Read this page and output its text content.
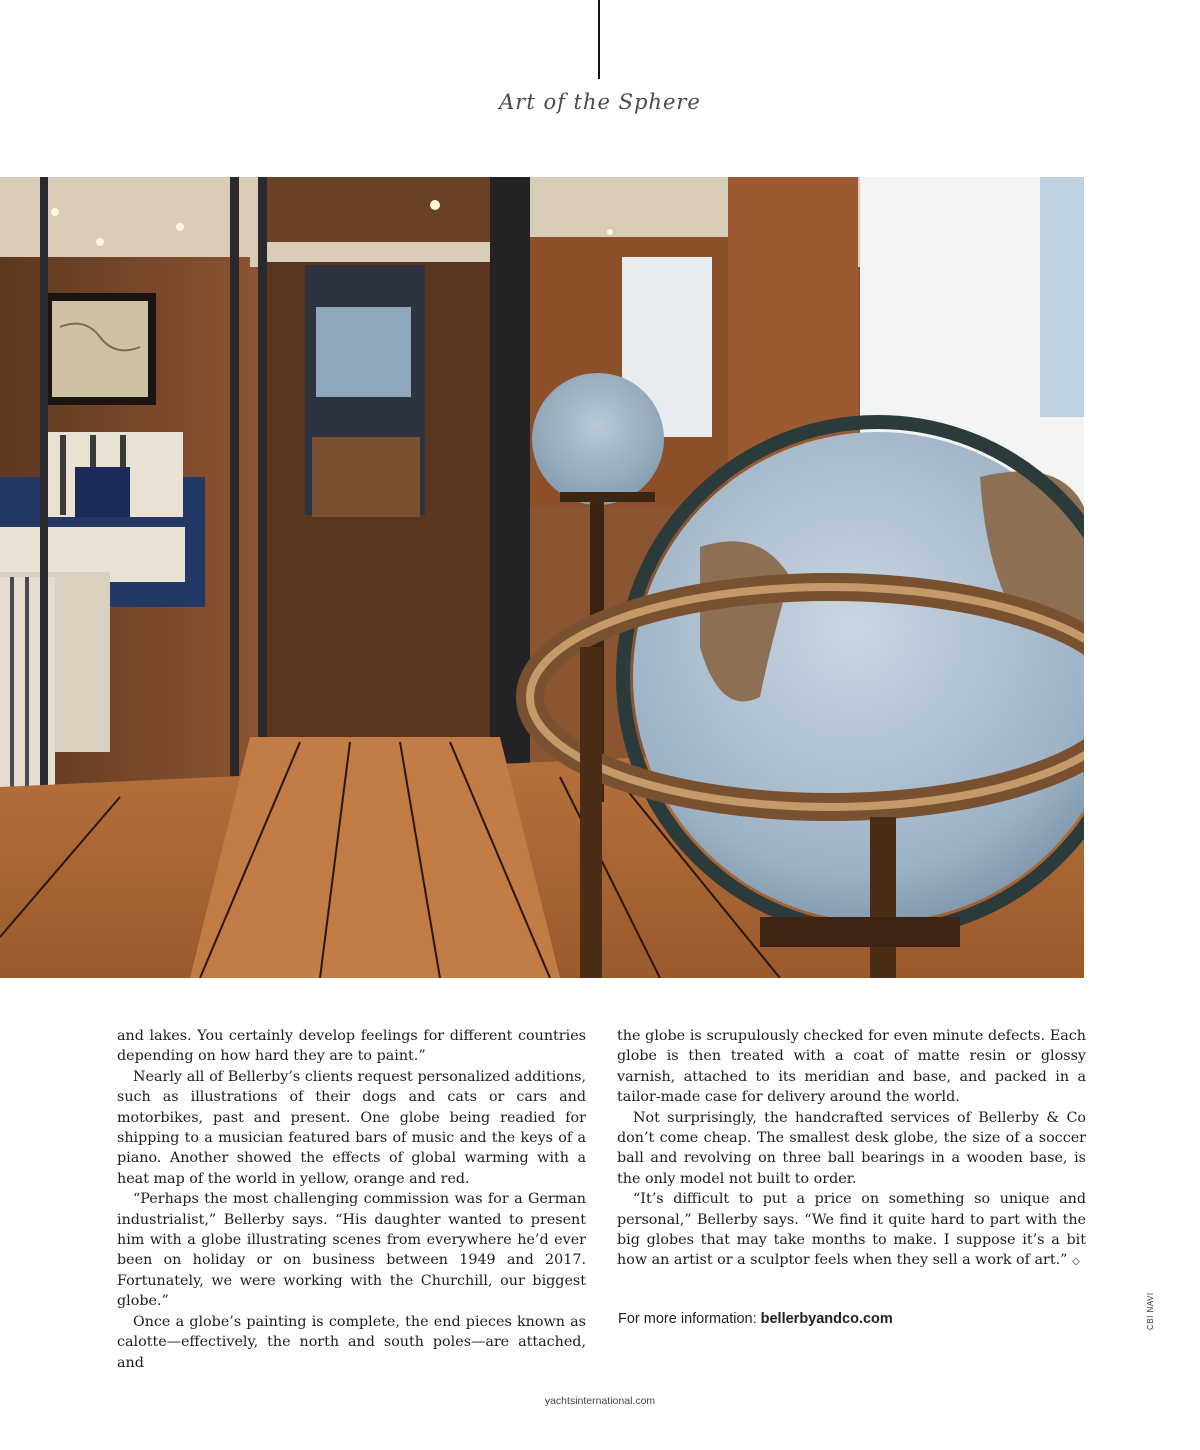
Art of the Sphere

and lakes. You certainly develop feelings for different countries depending on how hard they are to paint.”

Nearly all of Bellerby’s clients request personalized additions, such as illustrations of their dogs and cats or cars and motorbikes, past and present. One globe being readied for shipping to a musician featured bars of music and the keys of a piano. Another showed the effects of global warming with a heat map of the world in yellow, orange and red.

“Perhaps the most challenging commission was for a German industrialist,” Bellerby says. “His daughter wanted to present him with a globe illustrating scenes from everywhere he’d ever been on holiday or on business between 1949 and 2017. Fortunately, we were working with the Churchill, our biggest globe.”

Once a globe’s painting is complete, the end pieces known as calotte—effectively, the north and south poles—are attached, and

the globe is scrupulously checked for even minute defects. Each globe is then treated with a coat of matte resin or glossy varnish, attached to its meridian and base, and packed in a tailor-made case for delivery around the world.

Not surprisingly, the handcrafted services of Bellerby & Co don’t come cheap. The smallest desk globe, the size of a soccer ball and revolving on three ball bearings in a wooden base, is the only model not built to order.

“It’s difficult to put a price on something so unique and personal,” Bellerby says. “We find it quite hard to part with the big globes that may take months to make. I suppose it’s a bit how an artist or a sculptor feels when they sell a work of art.” ◇

For more information: bellerbyandco.com	CBI NAVI
yachtsinternational.com
